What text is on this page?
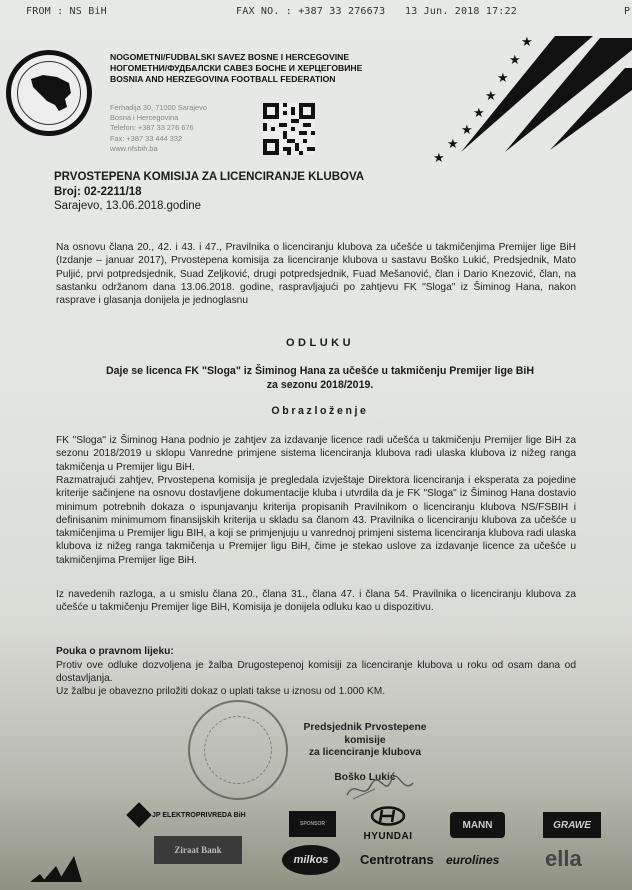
FROM : NS BiH	FAX NO. : +387 33 276673 13 Jun. 2018 17:22	P
NOGOMETNI/FUDBALSKI SAVEZ BOSNE I HERCEGOVINE
НОГОМЕТНИ/ФУДБАЛСКИ САВЕЗ БОСНЕ И ХЕРЦЕГОВИНЕ
BOSNIA AND HERZEGOVINA FOOTBALL FEDERATION
Ferhadija 30, 71000 Sarajevo
Bosna i Hercegovina
Telefon: +387 33 276 676
Fax: +387 33 444 332
www.nfsbih.ba
★
★
★
★
★
★
★
★
PRVOSTEPENA KOMISIJA ZA LICENCIRANJE KLUBOVA
Broj: 02-2211/18
Sarajevo, 13.06.2018.godine
Na osnovu člana 20., 42. i 43. i 47., Pravilnika o licenciranju klubova za učešće u takmičenjima Premijer lige BiH (Izdanje – januar 2017), Prvostepena komisija za licenciranje klubova u sastavu Boško Lukić, Predsjednik, Mato Puljić, prvi potpredsjednik, Suad Zeljković, drugi potpredsjednik, Fuad Mešanović, član i Dario Knezović, član, na sastanku održanom dana 13.06.2018. godine, raspravljajući po zahtjevu FK "Sloga" iz Šiminog Hana, nakon rasprave i glasanja donijela je jednoglasnu
ODLUKU
Daje se licenca FK "Sloga" iz Šiminog Hana za učešće u takmičenju Premijer lige BiH
za sezonu 2018/2019.
Obrazloženje
FK "Sloga" iz Šiminog Hana podnio je zahtjev za izdavanje licence radi učešća u takmičenju Premijer lige BiH za sezonu 2018/2019 u sklopu Vanredne primjene sistema licenciranja klubova radi ulaska klubova iz nižeg ranga takmičenja u Premijer ligu BiH.
Razmatrajući zahtjev, Prvostepena komisija je pregledala izvještaje Direktora licenciranja i eksperata za pojedine kriterije sačinjene na osnovu dostavljene dokumentacije kluba i utvrdila da je FK "Sloga" iz Šiminog Hana dostavio minimum potrebnih dokaza o ispunjavanju kriterija propisanih Pravilnikom o licenciranju klubova NS/FSBIH i definisanim minimumom finansijskih kriterija u skladu sa članom 43. Pravilnika o licenciranju klubova za učešće u takmičenjima u Premijer ligu BIH, a koji se primjenjuju u vanrednoj primjeni sistema licenciranja klubova radi ulaska klubova iz nižeg ranga takmičenja u Premijer ligu BiH, čime je stekao uslove za izdavanje licence za učešće u takmičenjima Premijer lige BiH.
Iz navedenih razloga, a u smislu člana 20., člana 31., člana 47. i člana 54. Pravilnika o licenciranju klubova za učešće u takmičenju Premijer lige BiH, Komisija je donijela odluku kao u dispozitivu.
Pouka o pravnom lijeku:
Protiv ove odluke dozvoljena je žalba Drugostepenoj komisiji za licenciranje klubova u roku od osam dana od dostavljanja.
Uz žalbu je obavezno priložiti dokaz o uplati takse u iznosu od 1.000 KM.
Predsjednik Prvostepene komisije
za licenciranje klubova
Boško Lukić
JP ELEKTROPRIVREDA BiH
SPONSOR
HYUNDAI
MANN	GRAWE
Ziraat Bank
milkos	Centrotrans eurolines ella
